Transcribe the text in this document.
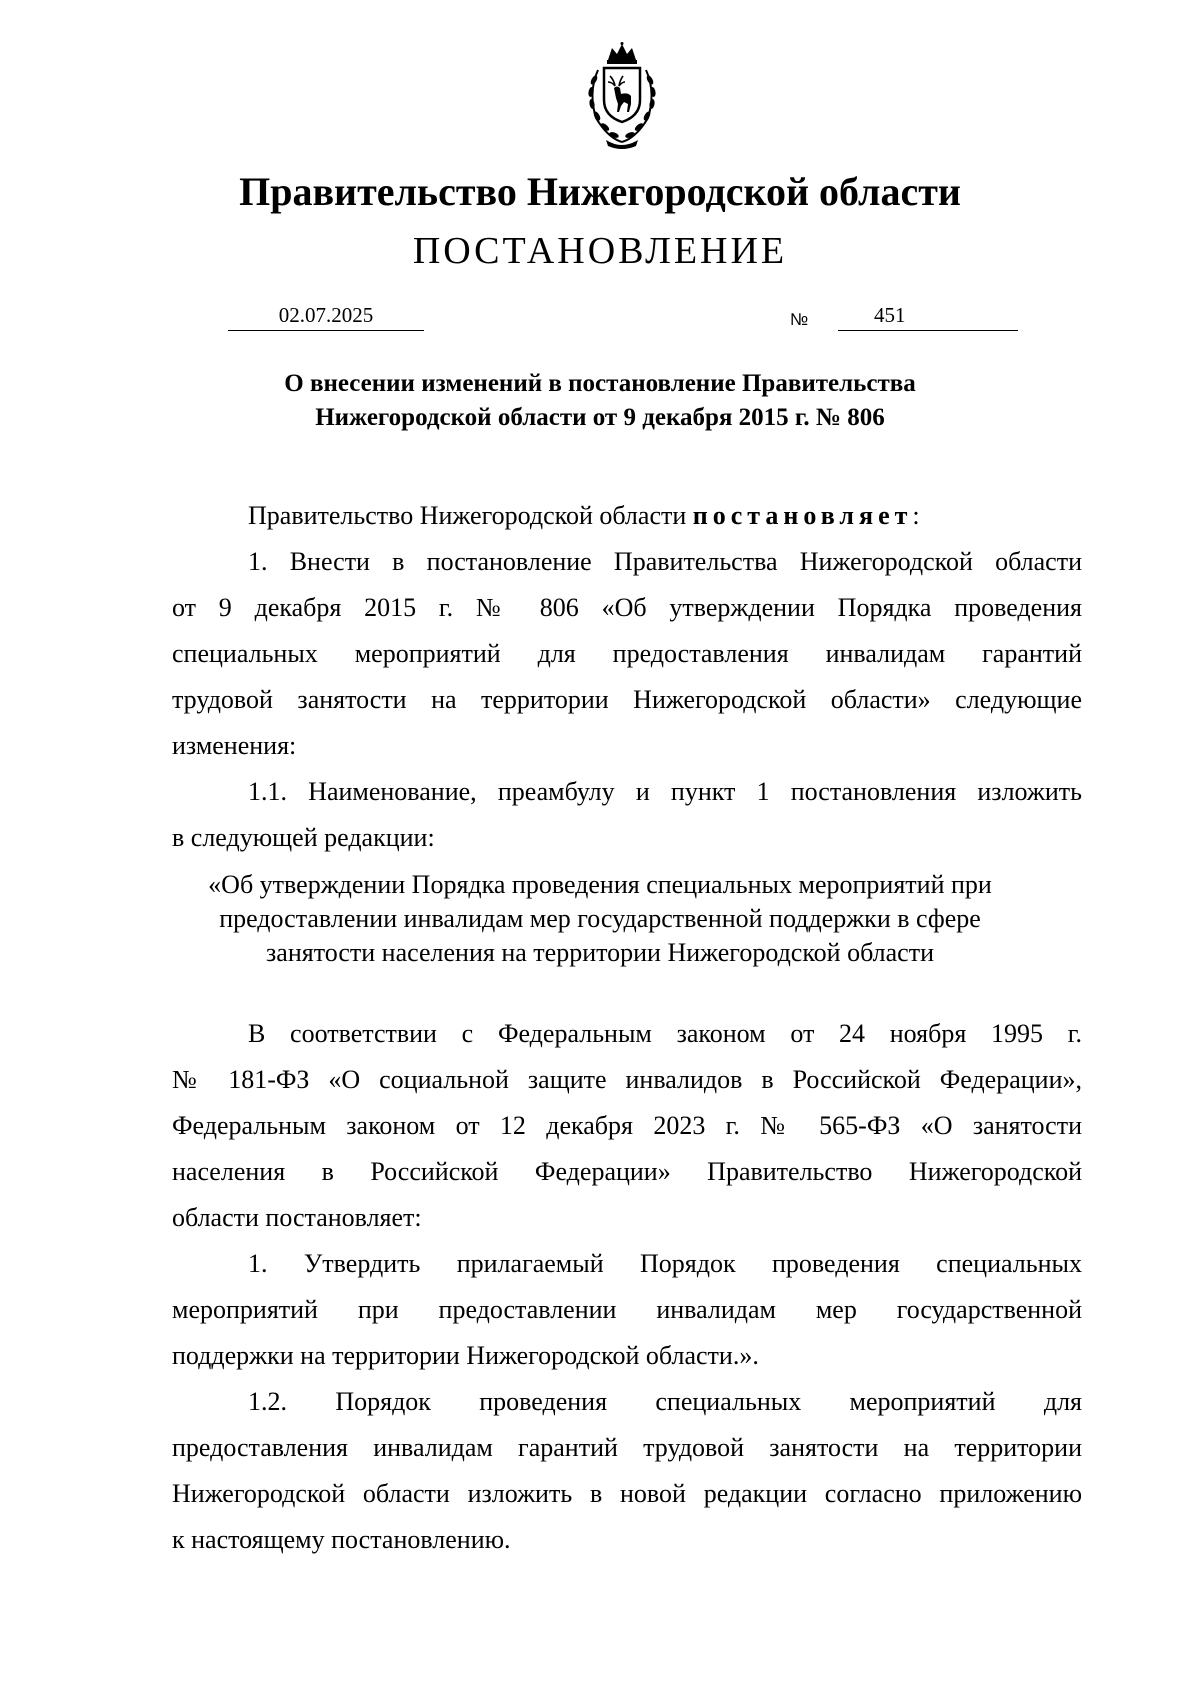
Правительство Нижегородской области
ПОСТАНОВЛЕНИЕ
02.07.2025	№	451
О внесении изменений в постановление Правительства
Нижегородской области от 9 декабря 2015 г. № 806
Правительство Нижегородской области постановляет:
1. Внести в постановление Правительства Нижегородской области
от 9 декабря 2015 г. № 806 «Об утверждении Порядка проведения
специальных мероприятий для предоставления инвалидам гарантий
трудовой занятости на территории Нижегородской области» следующие
изменения:
1.1. Наименование, преамбулу и пункт 1 постановления изложить
в следующей редакции:
«Об утверждении Порядка проведения специальных мероприятий при
предоставлении инвалидам мер государственной поддержки в сфере
занятости населения на территории Нижегородской области
В соответствии с Федеральным законом от 24 ноября 1995 г.
№ 181-ФЗ «О социальной защите инвалидов в Российской Федерации»,
Федеральным законом от 12 декабря 2023 г. № 565-ФЗ «О занятости
населения в Российской Федерации» Правительство Нижегородской
области постановляет:
1. Утвердить прилагаемый Порядок проведения специальных
мероприятий при предоставлении инвалидам мер государственной
поддержки на территории Нижегородской области.».
1.2. Порядок проведения специальных мероприятий для
предоставления инвалидам гарантий трудовой занятости на территории
Нижегородской области изложить в новой редакции согласно приложению
к настоящему постановлению.
